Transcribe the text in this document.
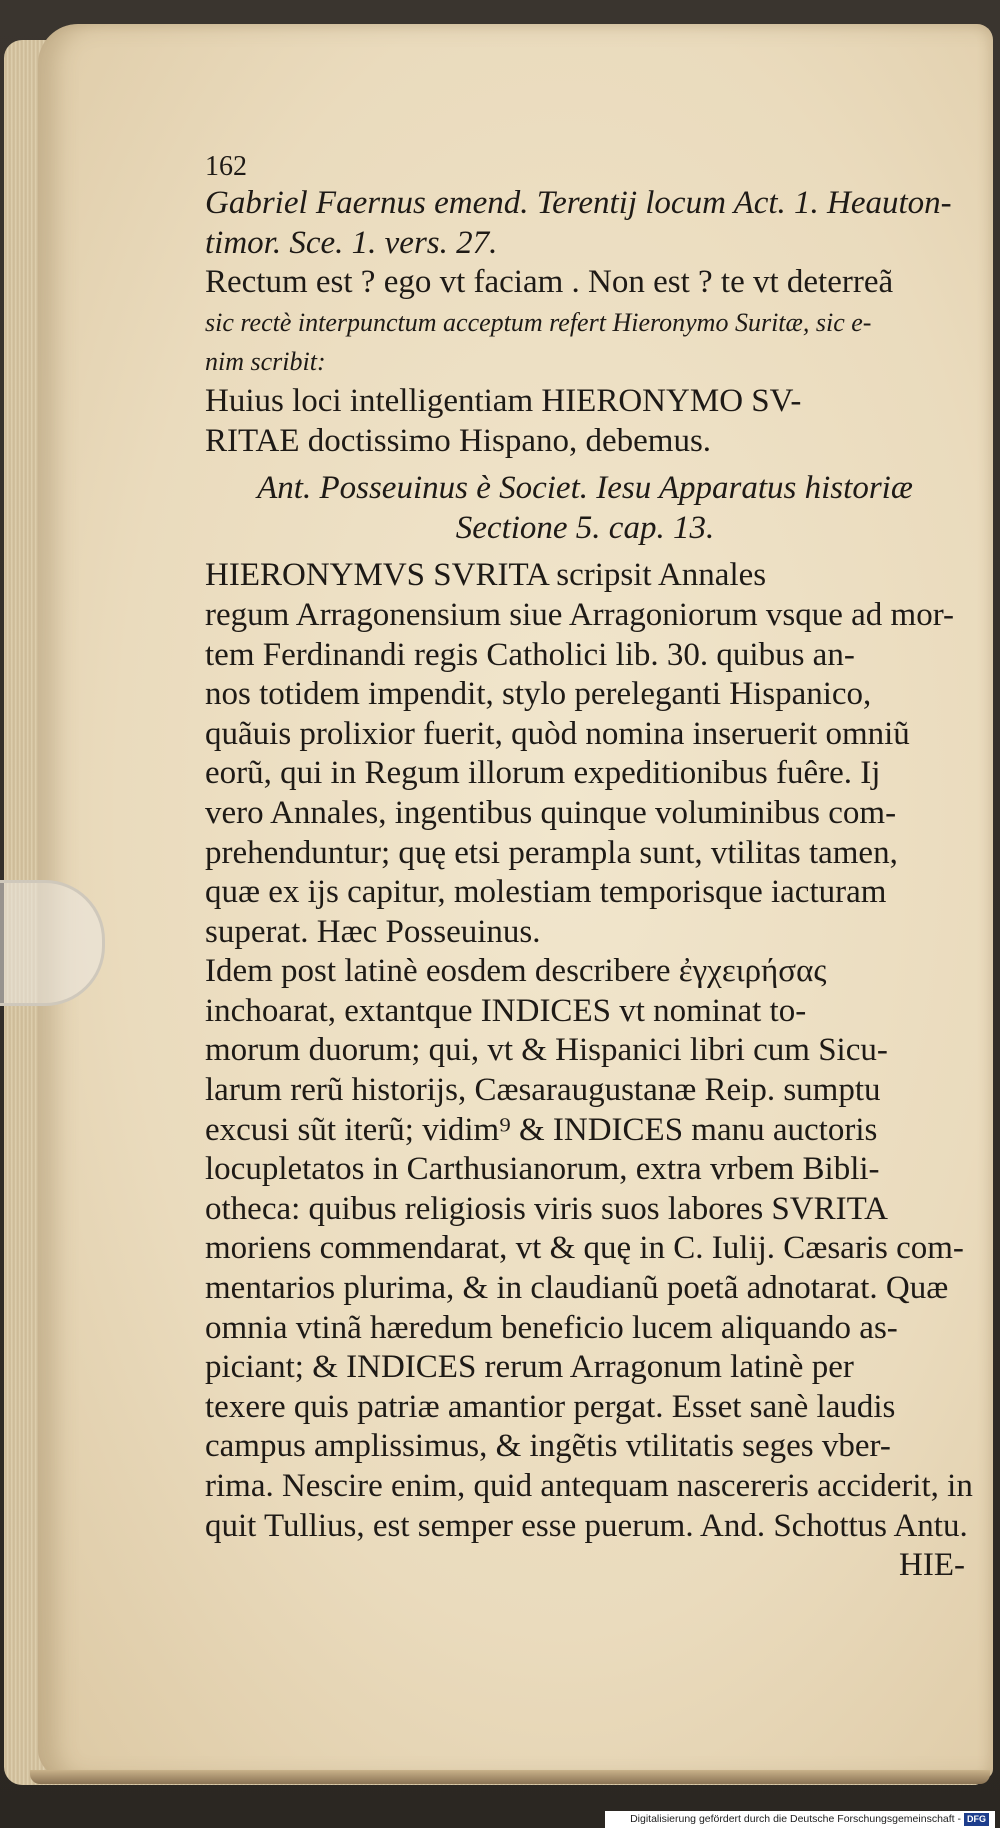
162
Gabriel Faernus emend. Terentij locum Act. 1. Heauton-
timor. Sce. 1. vers. 27.
Rectum est ? ego vt faciam . Non est ? te vt deterreã
sic rectè interpunctum acceptum refert Hieronymo Suritæ, sic e-
nim scribit:
Huius loci intelligentiam HIERONYMO SV-
RITAE doctissimo Hispano, debemus.
Ant. Posseuinus è Societ. Iesu Apparatus historiæ
Sectione 5. cap. 13.
HIERONYMVS SVRITA scripsit Annales
regum Arragonensium siue Arragoniorum vsque ad mor-
tem Ferdinandi regis Catholici lib. 30. quibus an-
nos totidem impendit, stylo pereleganti Hispanico,
quãuis prolixior fuerit, quòd nomina inseruerit omniũ
eorũ, qui in Regum illorum expeditionibus fuêre. Ij
vero Annales, ingentibus quinque voluminibus com-
prehenduntur; quę etsi perampla sunt, vtilitas tamen,
quæ ex ijs capitur, molestiam temporisque iacturam
superat. Hæc Posseuinus.
Idem post latinè eosdem describere ἐγχειρήσας
inchoarat, extantque INDICES vt nominat to-
morum duorum; qui, vt & Hispanici libri cum Sicu-
larum rerũ historijs, Cæsaraugustanæ Reip. sumptu
excusi sũt iterũ; vidim⁹ & INDICES manu auctoris
locupletatos in Carthusianorum, extra vrbem Bibli-
otheca: quibus religiosis viris suos labores SVRITA
moriens commendarat, vt & quę in C. Iulij. Cæsaris com-
mentarios plurima, & in claudianũ poetã adnotarat. Quæ
omnia vtinã hæredum beneficio lucem aliquando as-
piciant; & INDICES rerum Arragonum latinè per
texere quis patriæ amantior pergat. Esset sanè laudis
campus amplissimus, & ingẽtis vtilitatis seges vber-
rima. Nescire enim, quid antequam nascereris acciderit, in
quit Tullius, est semper esse puerum. And. Schottus Antu.
HIE-
Digitalisierung gefördert durch die Deutsche Forschungsgemeinschaft - DFG
